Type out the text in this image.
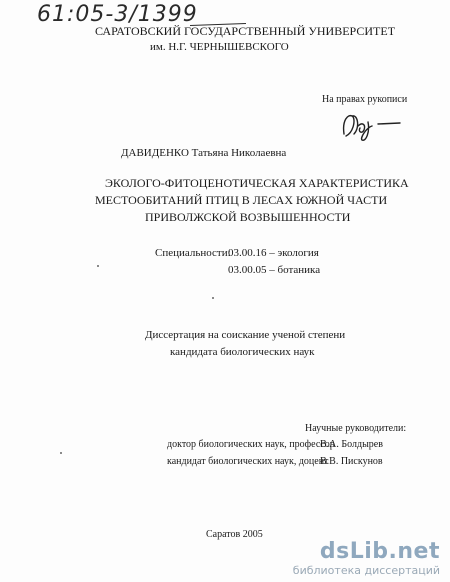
61:05-3/1399
САРАТОВСКИЙ ГОСУДАРСТВЕННЫЙ УНИВЕРСИТЕТ
им. Н.Г. ЧЕРНЫШЕВСКОГО
На правах рукописи
ДАВИДЕНКО Татьяна Николаевна
ЭКОЛОГО-ФИТОЦЕНОТИЧЕСКАЯ ХАРАКТЕРИСТИКА
МЕСТООБИТАНИЙ ПТИЦ В ЛЕСАХ ЮЖНОЙ ЧАСТИ
ПРИВОЛЖСКОЙ ВОЗВЫШЕННОСТИ
Специальности:
03.00.16 – экология
03.00.05 – ботаника
Диссертация на соискание ученой степени
кандидата биологических наук
Научные руководители:
доктор биологических наук, профессор
В.А. Болдырев
кандидат биологических наук, доцент
В.В. Пискунов
Саратов 2005
dsLib.net
библиотека диссертаций
